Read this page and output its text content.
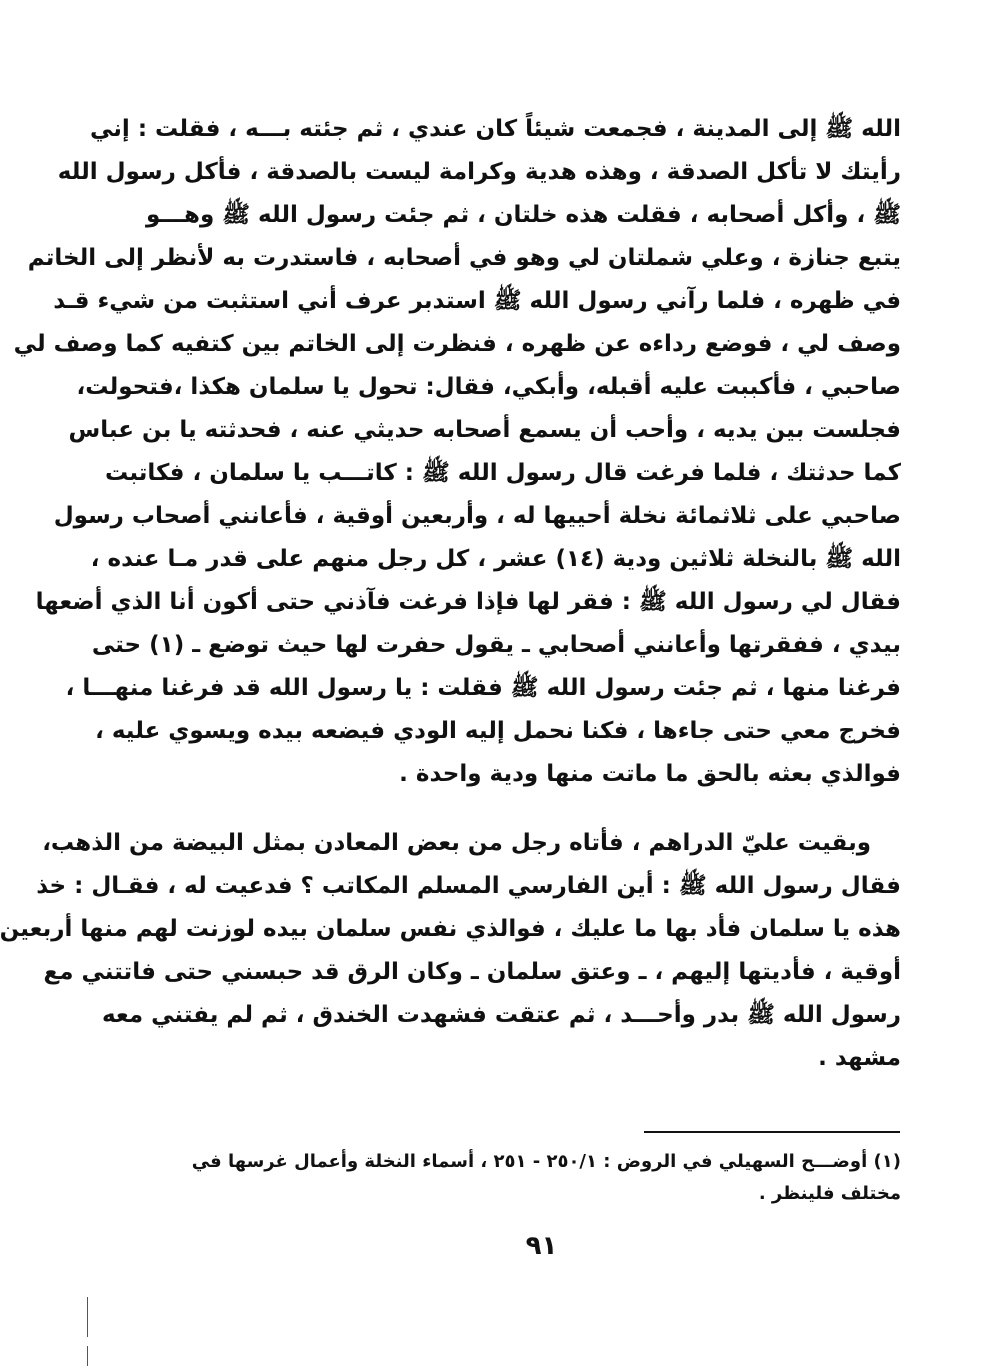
الله ﷺ إلى المدينة ، فجمعت شيئاً كان عندي ، ثم جئته بـــه ، فقلت : إني
رأيتك لا تأكل الصدقة ، وهذه هدية وكرامة ليست بالصدقة ، فأكل رسول الله
ﷺ ، وأكل أصحابه ، فقلت هذه خلتان ، ثم جئت رسول الله ﷺ وهـــو
يتبع جنازة ، وعلي شملتان لي وهو في أصحابه ، فاستدرت به لأنظر إلى الخاتم
في ظهره ، فلما رآني رسول الله ﷺ استدبر عرف أني استثبت من شيء قـد
وصف لي ، فوضع رداءه عن ظهره ، فنظرت إلى الخاتم بين كتفيه كما وصف لي
صاحبي ، فأكببت عليه أقبله، وأبكي، فقال: تحول يا سلمان هكذا ،فتحولت،
فجلست بين يديه ، وأحب أن يسمع أصحابه حديثي عنه ، فحدثته يا بن عباس
كما حدثتك ، فلما فرغت قال رسول الله ﷺ : كاتـــب يا سلمان ، فكاتبت
صاحبي على ثلاثمائة نخلة أحييها له ، وأربعين أوقية ، فأعانني أصحاب رسول
الله ﷺ بالنخلة ثلاثين ودية (١٤) عشر ، كل رجل منهم على قدر مـا عنده ،
فقال لي رسول الله ﷺ : فقر لها فإذا فرغت فآذني حتى أكون أنا الذي أضعها
بيدي ، ففقرتها وأعانني أصحابي ـ يقول حفرت لها حيث توضع ـ (١) حتى
فرغنا منها ، ثم جئت رسول الله ﷺ فقلت : يا رسول الله قد فرغنا منهـــا ،
فخرج معي حتى جاءها ، فكنا نحمل إليه الودي فيضعه بيده ويسوي عليه ،
فوالذي بعثه بالحق ما ماتت منها ودية واحدة .
وبقيت عليّ الدراهم ، فأتاه رجل من بعض المعادن بمثل البيضة من الذهب،
فقال رسول الله ﷺ : أين الفارسي المسلم المكاتب ؟ فدعيت له ، فقـال : خذ
هذه يا سلمان فأد بها ما عليك ، فوالذي نفس سلمان بيده لوزنت لهم منها أربعين
أوقية ، فأديتها إليهم ، ـ وعتق سلمان ـ وكان الرق قد حبسني حتى فاتتني مع
رسول الله ﷺ بدر وأحـــد ، ثم عتقت فشهدت الخندق ، ثم لم يفتني معه
مشهد .
(١) أوضـــح السهيلي في الروض : ٢٥٠/١ - ٢٥١ ، أسماء النخلة وأعمال غرسها في
مختلف فلينظر .
٩١
